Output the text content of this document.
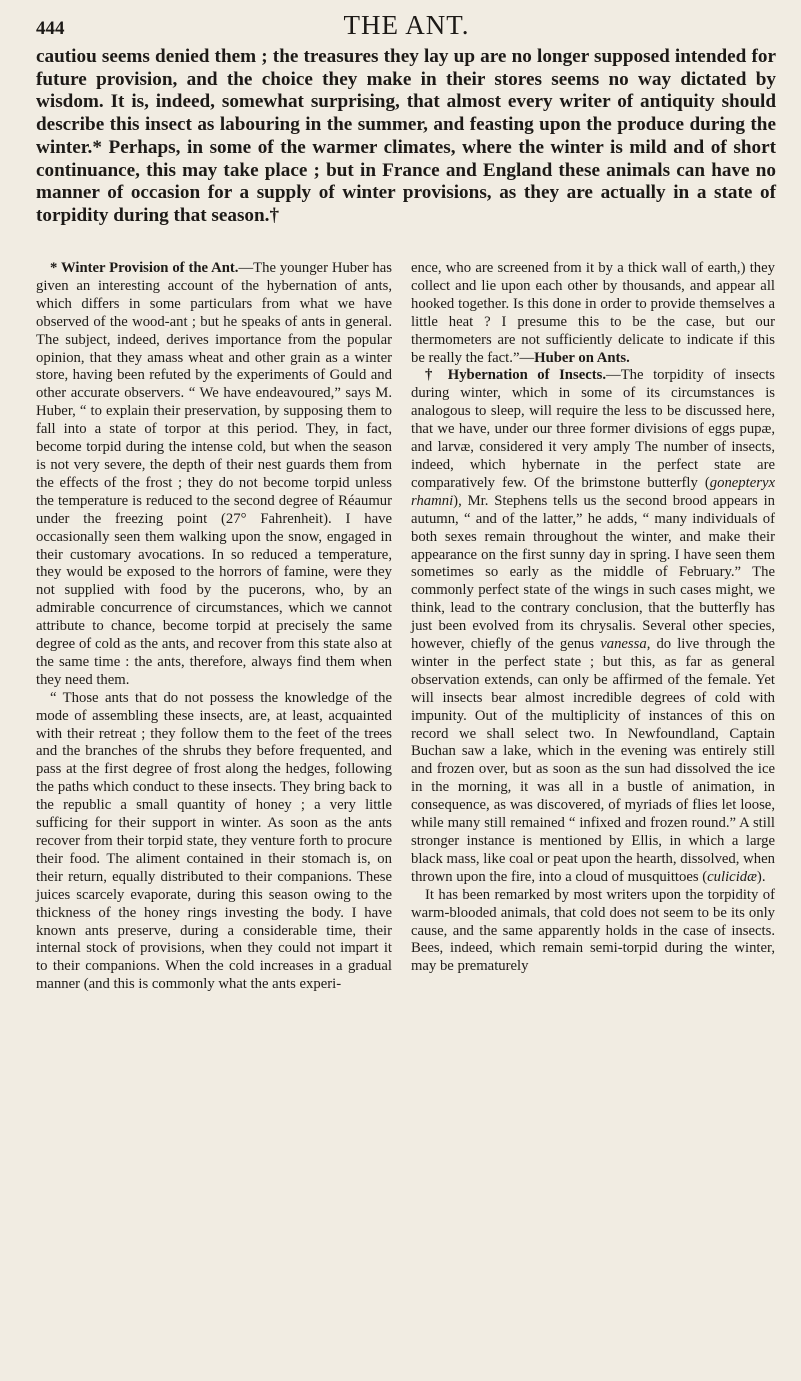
444	THE ANT.

cautiou seems denied them ; the treasures they lay up are no longer supposed intended for future provision, and the choice they make in their stores seems no way dictated by wisdom. It is, indeed, somewhat surprising, that almost every writer of antiquity should describe this insect as labouring in the summer, and feasting upon the produce during the winter.* Perhaps, in some of the warmer climates, where the winter is mild and of short continuance, this may take place ; but in France and England these animals can have no manner of occasion for a supply of winter provisions, as they are actually in a state of torpidity during that season.†

* Winter Provision of the Ant.—The younger Huber has given an interesting account of the hybernation of ants, which differs in some particulars from what we have observed of the wood-ant ; but he speaks of ants in general. The subject, indeed, derives importance from the popular opinion, that they amass wheat and other grain as a winter store, having been refuted by the experiments of Gould and other accurate observers. “ We have endeavoured,” says M. Huber, “ to explain their preservation, by supposing them to fall into a state of torpor at this period. They, in fact, become torpid during the intense cold, but when the season is not very severe, the depth of their nest guards them from the effects of the frost ; they do not become torpid unless the temperature is reduced to the second degree of Réaumur under the freezing point (27° Fahrenheit). I have occasionally seen them walking upon the snow, engaged in their customary avocations. In so reduced a temperature, they would be exposed to the horrors of famine, were they not supplied with food by the pucerons, who, by an admirable concurrence of circumstances, which we cannot attribute to chance, become torpid at precisely the same degree of cold as the ants, and recover from this state also at the same time : the ants, therefore, always find them when they need them.

“ Those ants that do not possess the knowledge of the mode of assembling these insects, are, at least, acquainted with their retreat ; they follow them to the feet of the trees and the branches of the shrubs they before frequented, and pass at the first degree of frost along the hedges, following the paths which conduct to these insects. They bring back to the republic a small quantity of honey ; a very little sufficing for their support in winter. As soon as the ants recover from their torpid state, they venture forth to procure their food. The aliment contained in their stomach is, on their return, equally distributed to their companions. These juices scarcely evaporate, during this season owing to the thickness of the honey rings investing the body. I have known ants preserve, during a considerable time, their internal stock of provisions, when they could not impart it to their companions. When the cold increases in a gradual manner (and this is commonly what the ants experi-

ence, who are screened from it by a thick wall of earth,) they collect and lie upon each other by thousands, and appear all hooked together. Is this done in order to provide themselves a little heat ? I presume this to be the case, but our thermometers are not sufficiently delicate to indicate if this be really the fact.”—Huber on Ants.

† Hybernation of Insects.—The torpidity of insects during winter, which in some of its circumstances is analogous to sleep, will require the less to be discussed here, that we have, under our three former divisions of eggs pupæ, and larvæ, considered it very amply The number of insects, indeed, which hybernate in the perfect state are comparatively few. Of the brimstone butterfly (gonepteryx rhamni), Mr. Stephens tells us the second brood appears in autumn, “ and of the latter,” he adds, “ many individuals of both sexes remain throughout the winter, and make their appearance on the first sunny day in spring. I have seen them sometimes so early as the middle of February.” The commonly perfect state of the wings in such cases might, we think, lead to the contrary conclusion, that the butterfly has just been evolved from its chrysalis. Several other species, however, chiefly of the genus vanessa, do live through the winter in the perfect state ; but this, as far as general observation extends, can only be affirmed of the female. Yet will insects bear almost incredible degrees of cold with impunity. Out of the multiplicity of instances of this on record we shall select two. In Newfoundland, Captain Buchan saw a lake, which in the evening was entirely still and frozen over, but as soon as the sun had dissolved the ice in the morning, it was all in a bustle of animation, in consequence, as was discovered, of myriads of flies let loose, while many still remained “ infixed and frozen round.” A still stronger instance is mentioned by Ellis, in which a large black mass, like coal or peat upon the hearth, dissolved, when thrown upon the fire, into a cloud of musquittoes (culicidæ).

It has been remarked by most writers upon the torpidity of warm-blooded animals, that cold does not seem to be its only cause, and the same apparently holds in the case of insects. Bees, indeed, which remain semi-torpid during the winter, may be prematurely
